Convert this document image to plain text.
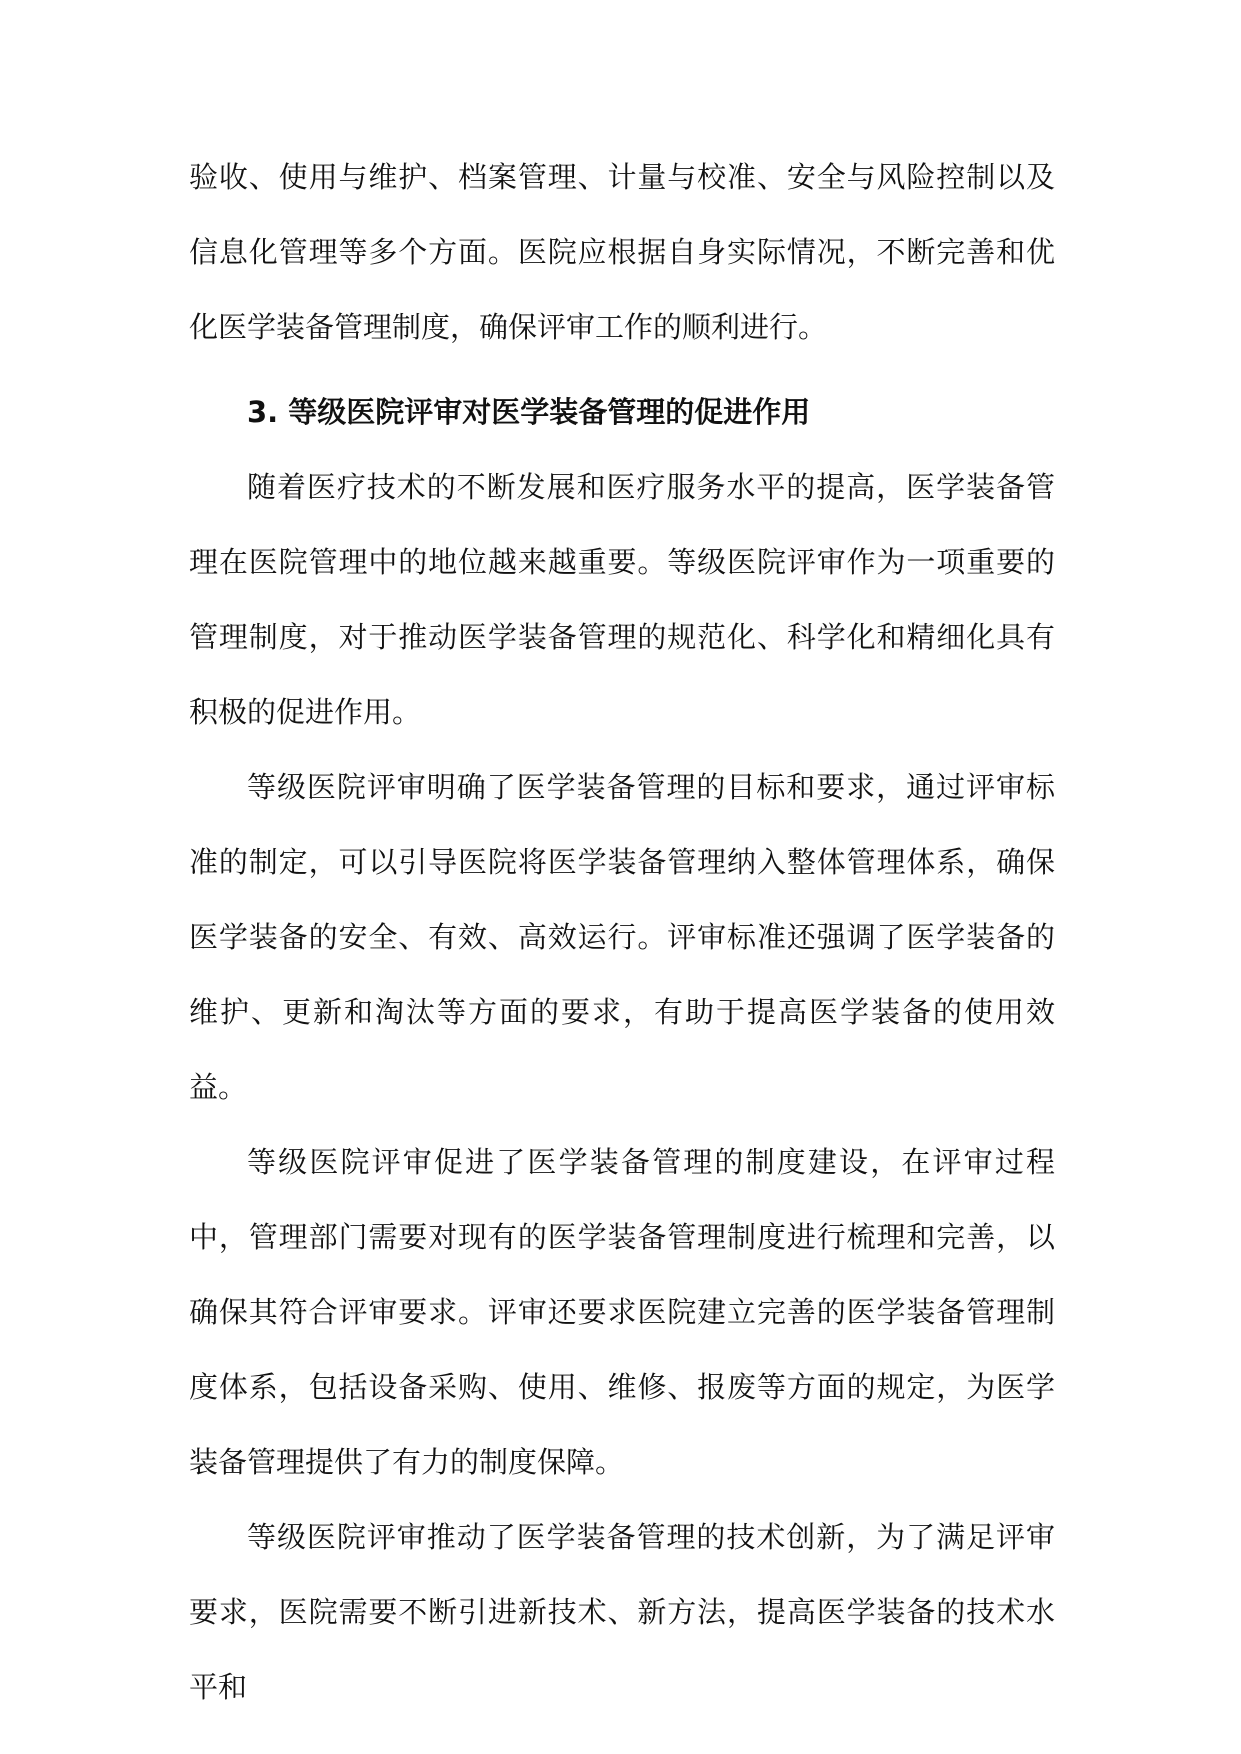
验收、使用与维护、档案管理、计量与校准、安全与风险控制以及信息化管理等多个方面。医院应根据自身实际情况，不断完善和优化医学装备管理制度，确保评审工作的顺利进行。

3. 等级医院评审对医学装备管理的促进作用

随着医疗技术的不断发展和医疗服务水平的提高，医学装备管理在医院管理中的地位越来越重要。等级医院评审作为一项重要的管理制度，对于推动医学装备管理的规范化、科学化和精细化具有积极的促进作用。

等级医院评审明确了医学装备管理的目标和要求，通过评审标准的制定，可以引导医院将医学装备管理纳入整体管理体系，确保医学装备的安全、有效、高效运行。评审标准还强调了医学装备的维护、更新和淘汰等方面的要求，有助于提高医学装备的使用效益。

等级医院评审促进了医学装备管理的制度建设，在评审过程中，管理部门需要对现有的医学装备管理制度进行梳理和完善，以确保其符合评审要求。评审还要求医院建立完善的医学装备管理制度体系，包括设备采购、使用、维修、报废等方面的规定，为医学装备管理提供了有力的制度保障。

等级医院评审推动了医学装备管理的技术创新，为了满足评审要求，医院需要不断引进新技术、新方法，提高医学装备的技术水平和
